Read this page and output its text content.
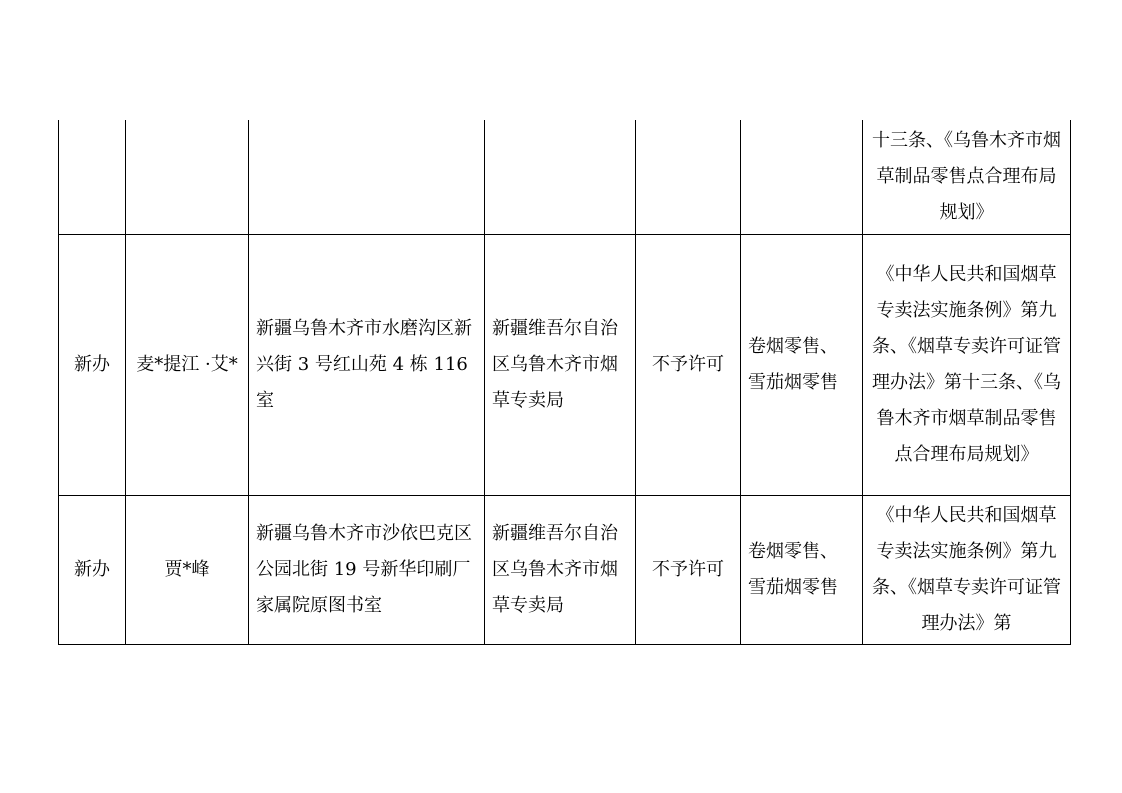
						十三条、《乌鲁木齐市烟草制品零售点合理布局规划》

新办	麦*提江 ·艾*	新疆乌鲁木齐市水磨沟区新兴街 3 号红山苑 4 栋 116 室	新疆维吾尔自治区乌鲁木齐市烟草专卖局	不予许可	卷烟零售、雪茄烟零售	《中华人民共和国烟草专卖法实施条例》第九条、《烟草专卖许可证管理办法》第十三条、《乌鲁木齐市烟草制品零售点合理布局规划》

新办	贾*峰	新疆乌鲁木齐市沙依巴克区公园北街 19 号新华印刷厂家属院原图书室	新疆维吾尔自治区乌鲁木齐市烟草专卖局	不予许可	卷烟零售、雪茄烟零售	《中华人民共和国烟草专卖法实施条例》第九条、《烟草专卖许可证管理办法》第
